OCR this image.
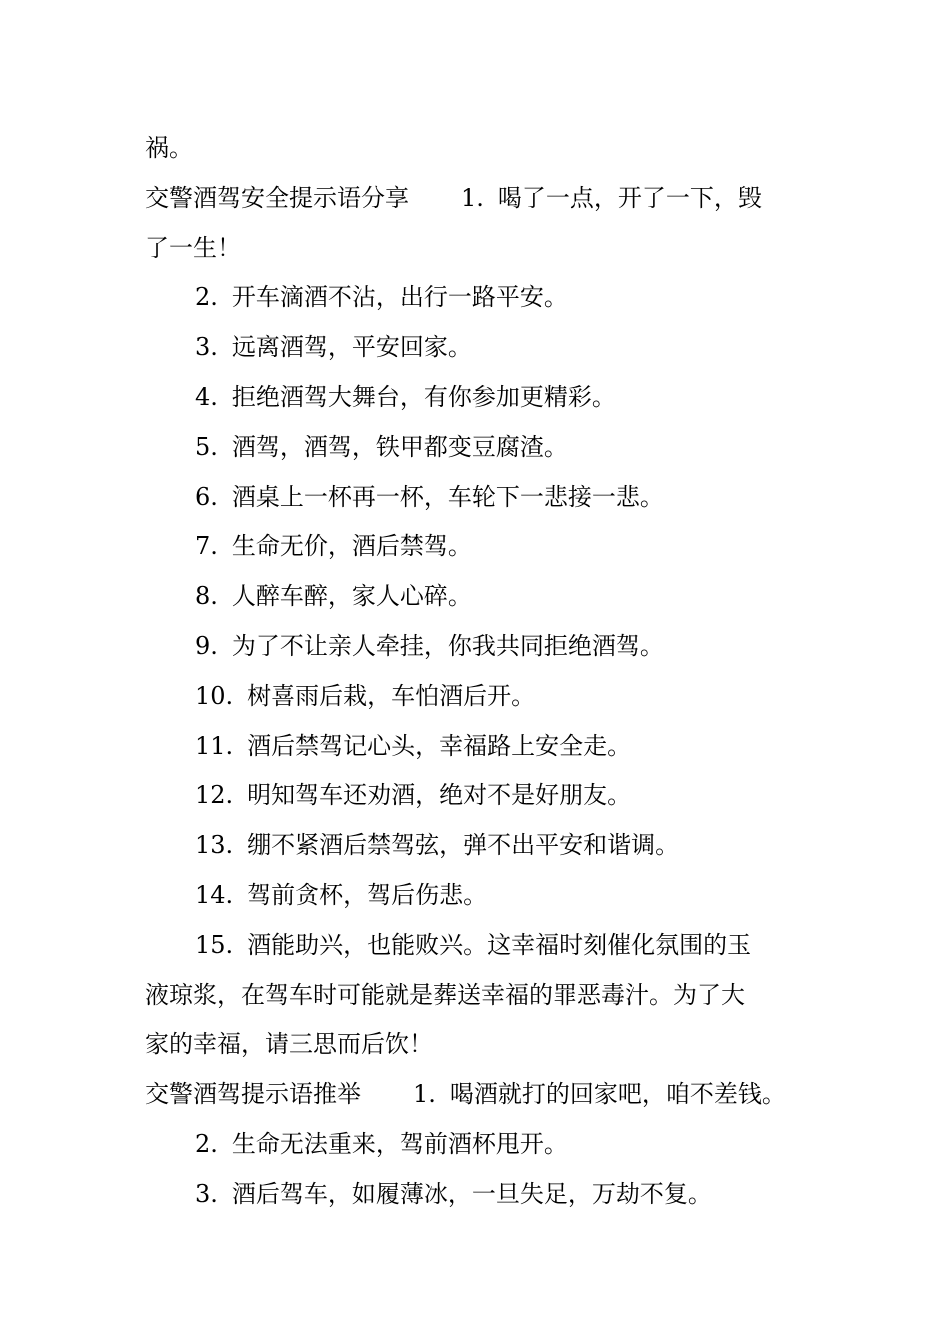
祸。
交警酒驾安全提示语分享 1. 喝了一点，开了一下，毁
了一生！
2. 开车滴酒不沾，出行一路平安。
3. 远离酒驾，平安回家。
4. 拒绝酒驾大舞台，有你参加更精彩。
5. 酒驾，酒驾，铁甲都变豆腐渣。
6. 酒桌上一杯再一杯，车轮下一悲接一悲。
7. 生命无价，酒后禁驾。
8. 人醉车醉，家人心碎。
9. 为了不让亲人牵挂，你我共同拒绝酒驾。
10. 树喜雨后栽，车怕酒后开。
11. 酒后禁驾记心头，幸福路上安全走。
12. 明知驾车还劝酒，绝对不是好朋友。
13. 绷不紧酒后禁驾弦，弹不出平安和谐调。
14. 驾前贪杯，驾后伤悲。
15. 酒能助兴，也能败兴。这幸福时刻催化氛围的玉
液琼浆，在驾车时可能就是葬送幸福的罪恶毒汁。为了大
家的幸福，请三思而后饮！
交警酒驾提示语推举 1. 喝酒就打的回家吧，咱不差钱。
2. 生命无法重来，驾前酒杯甩开。
3. 酒后驾车，如履薄冰，一旦失足，万劫不复。
